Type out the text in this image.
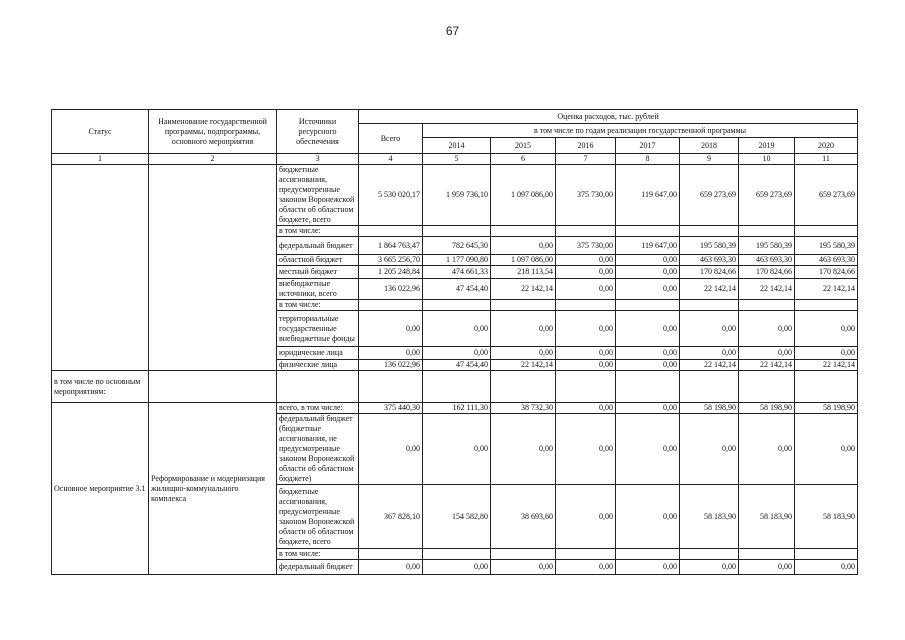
67
Статус	Наименование государственной программы, подпрограммы, основного мероприятия	Источники ресурсного обеспечения	Оценка расходов, тыс. рублей							
			Всего	в том числе по годам реализации государственной программы						
				2014	2015	2016	2017	2018	2019	2020
1	2	3	4	5	6	7	8	9	10	11
		бюджетные ассигнования, предусмотренные законом Воронежской области об областном бюджете, всего	5 530 020,17	1 959 736,10	1 097 086,00	375 730,00	119 647,00	659 273,69	659 273,69	659 273,69
		в том числе:								
		федеральный бюджет	1 864 763,47	782 645,30	0,00	375 730,00	119 647,00	195 580,39	195 580,39	195 580,39
		областной бюджет	3 665 256,70	1 177 090,80	1 097 086,00	0,00	0,00	463 693,30	463 693,30	463 693,30
		местный бюджет	1 205 248,84	474 661,33	218 113,54	0,00	0,00	170 824,66	170 824,66	170 824,66
		внебюджетные источники, всего	136 022,96	47 454,40	22 142,14	0,00	0,00	22 142,14	22 142,14	22 142,14
		в том числе:								
		территориальные государственные внебюджетные фонды	0,00	0,00	0,00	0,00	0,00	0,00	0,00	0,00
		юридические лица	0,00	0,00	0,00	0,00	0,00	0,00	0,00	0,00
		физические лица	136 022,96	47 454,40	22 142,14	0,00	0,00	22 142,14	22 142,14	22 142,14
в том числе по основным мероприятиям:										
Основное мероприятие 3.1	Реформирование и модернизация жилищно-коммунального комплекса	всего, в том числе:	375 440,30	162 111,30	38 732,30	0,00	0,00	58 198,90	58 198,90	58 198,90
		федеральный бюджет (бюджетные ассигнования, не предусмотренные законом Воронежской области об областном бюджете)	0,00	0,00	0,00	0,00	0,00	0,00	0,00	0,00
		бюджетные ассигнования, предусмотренные законом Воронежской области об областном бюджете, всего	367 828,10	154 582,80	38 693,60	0,00	0,00	58 183,90	58 183,90	58 183,90
		в том числе:								
		федеральный бюджет	0,00	0,00	0,00	0,00	0,00	0,00	0,00	0,00
